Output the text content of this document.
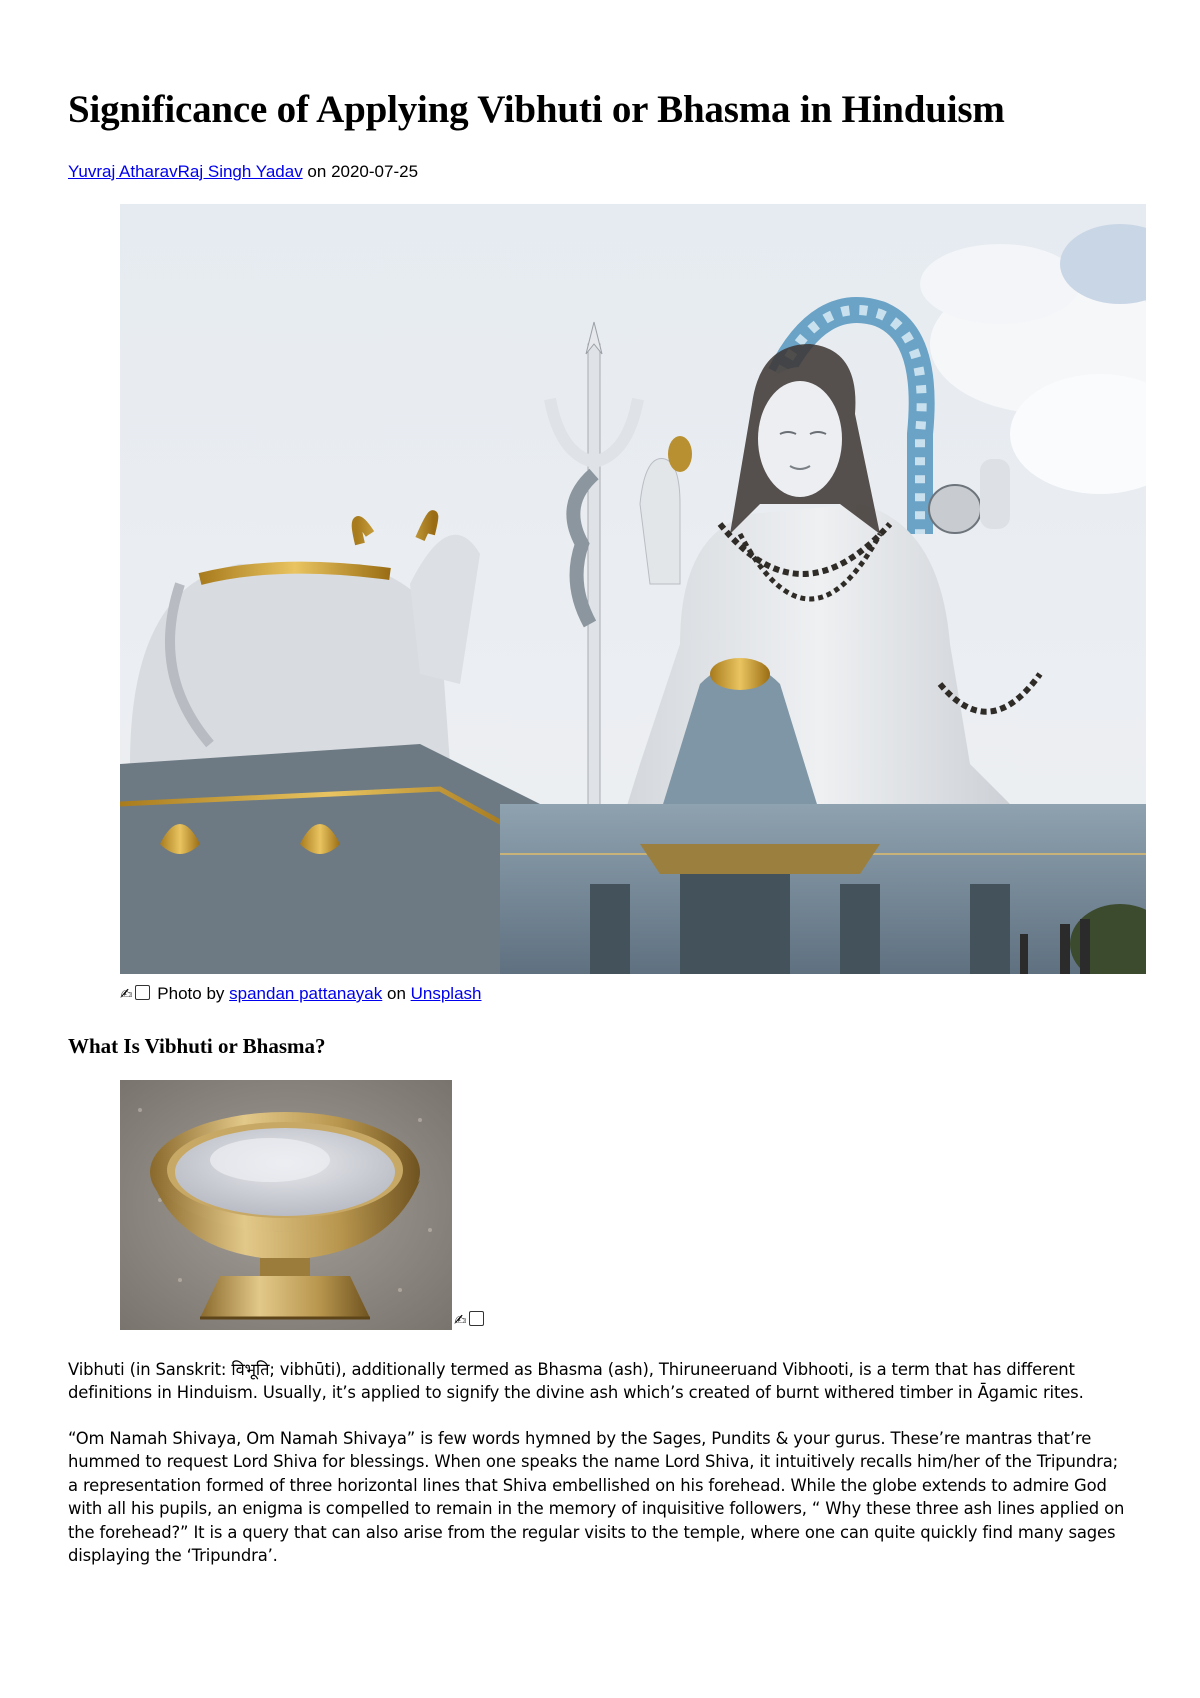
Significance of Applying Vibhuti or Bhasma in Hinduism
Yuvraj AtharavRaj Singh Yadav on 2020-07-25
✍ Photo by spandan pattanayak on Unsplash
What Is Vibhuti or Bhasma?
✍

Vibhuti (in Sanskrit: विभूति; vibhūti), additionally termed as Bhasma (ash), Thiruneeruand Vibhooti, is a term that has different definitions in Hinduism. Usually, it’s applied to signify the divine ash which’s created of burnt withered timber in Āgamic rites.

“Om Namah Shivaya, Om Namah Shivaya” is few words hymned by the Sages, Pundits & your gurus. These’re mantras that’re hummed to request Lord Shiva for blessings. When one speaks the name Lord Shiva, it intuitively recalls him/her of the Tripundra; a representation formed of three horizontal lines that Shiva embellished on his forehead. While the globe extends to admire God with all his pupils, an enigma is compelled to remain in the memory of inquisitive followers, “ Why these three ash lines applied on the forehead?” It is a query that can also arise from the regular visits to the temple, where one can quite quickly find many sages displaying the ‘Tripundra’.
